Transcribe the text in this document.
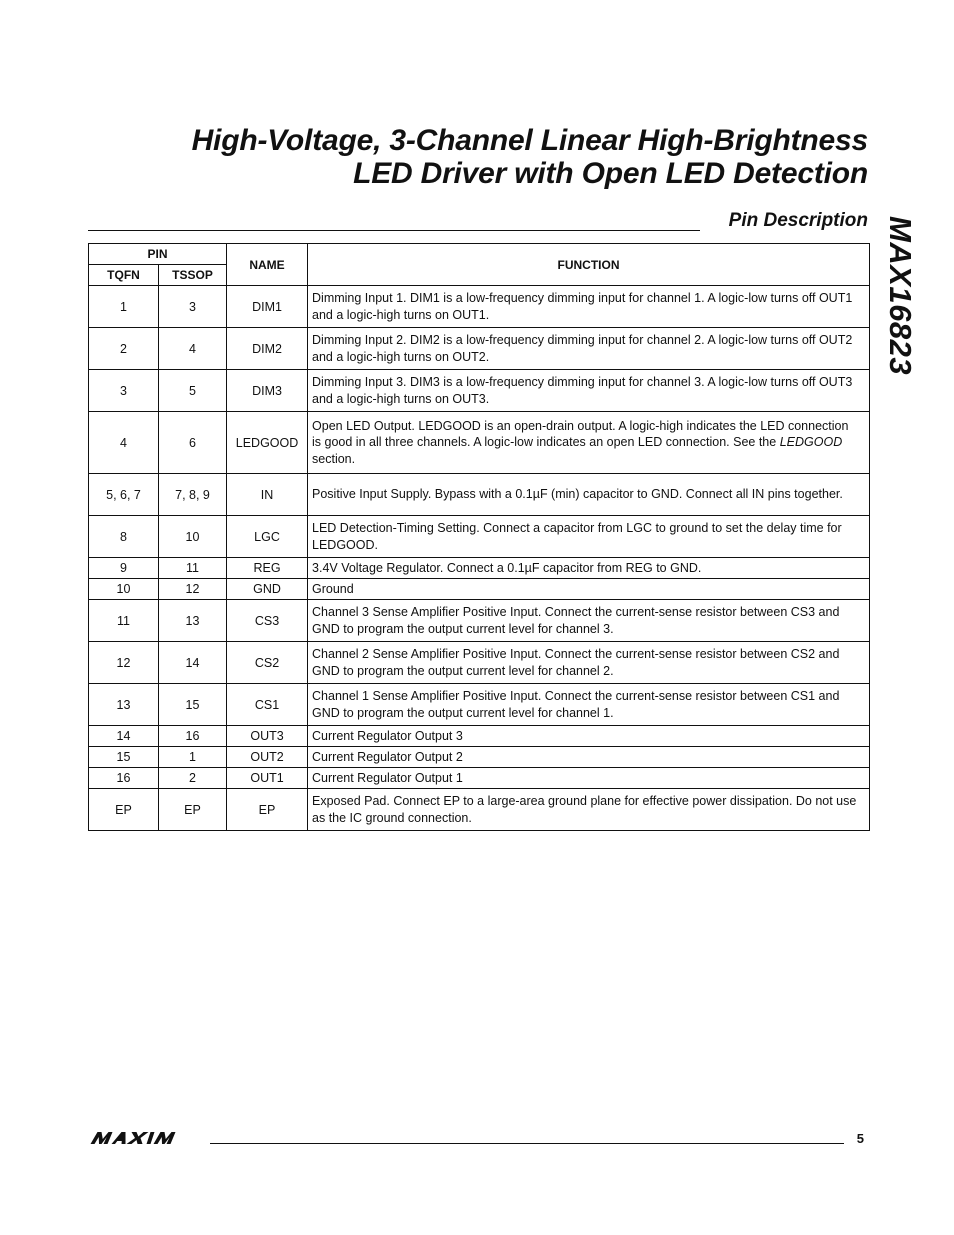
High-Voltage, 3-Channel Linear High-Brightness
LED Driver with Open LED Detection
MAX16823
Pin Description
PIN		NAME	FUNCTION
TQFN	TSSOP		
1	3	DIM1	Dimming Input 1. DIM1 is a low-frequency dimming input for channel 1. A logic-low turns off OUT1 and a logic-high turns on OUT1.
2	4	DIM2	Dimming Input 2. DIM2 is a low-frequency dimming input for channel 2. A logic-low turns off OUT2 and a logic-high turns on OUT2.
3	5	DIM3	Dimming Input 3. DIM3 is a low-frequency dimming input for channel 3. A logic-low turns off OUT3 and a logic-high turns on OUT3.
4	6	LEDGOOD	Open LED Output. LEDGOOD is an open-drain output. A logic-high indicates the LED connection is good in all three channels. A logic-low indicates an open LED connection. See the LEDGOOD section.
5, 6, 7	7, 8, 9	IN	Positive Input Supply. Bypass with a 0.1µF (min) capacitor to GND. Connect all IN pins together.
8	10	LGC	LED Detection-Timing Setting. Connect a capacitor from LGC to ground to set the delay time for LEDGOOD.
9	11	REG	3.4V Voltage Regulator. Connect a 0.1µF capacitor from REG to GND.
10	12	GND	Ground
11	13	CS3	Channel 3 Sense Amplifier Positive Input. Connect the current-sense resistor between CS3 and GND to program the output current level for channel 3.
12	14	CS2	Channel 2 Sense Amplifier Positive Input. Connect the current-sense resistor between CS2 and GND to program the output current level for channel 2.
13	15	CS1	Channel 1 Sense Amplifier Positive Input. Connect the current-sense resistor between CS1 and GND to program the output current level for channel 1.
14	16	OUT3	Current Regulator Output 3
15	1	OUT2	Current Regulator Output 2
16	2	OUT1	Current Regulator Output 1
EP	EP	EP	Exposed Pad. Connect EP to a large-area ground plane for effective power dissipation. Do not use as the IC ground connection.
5
